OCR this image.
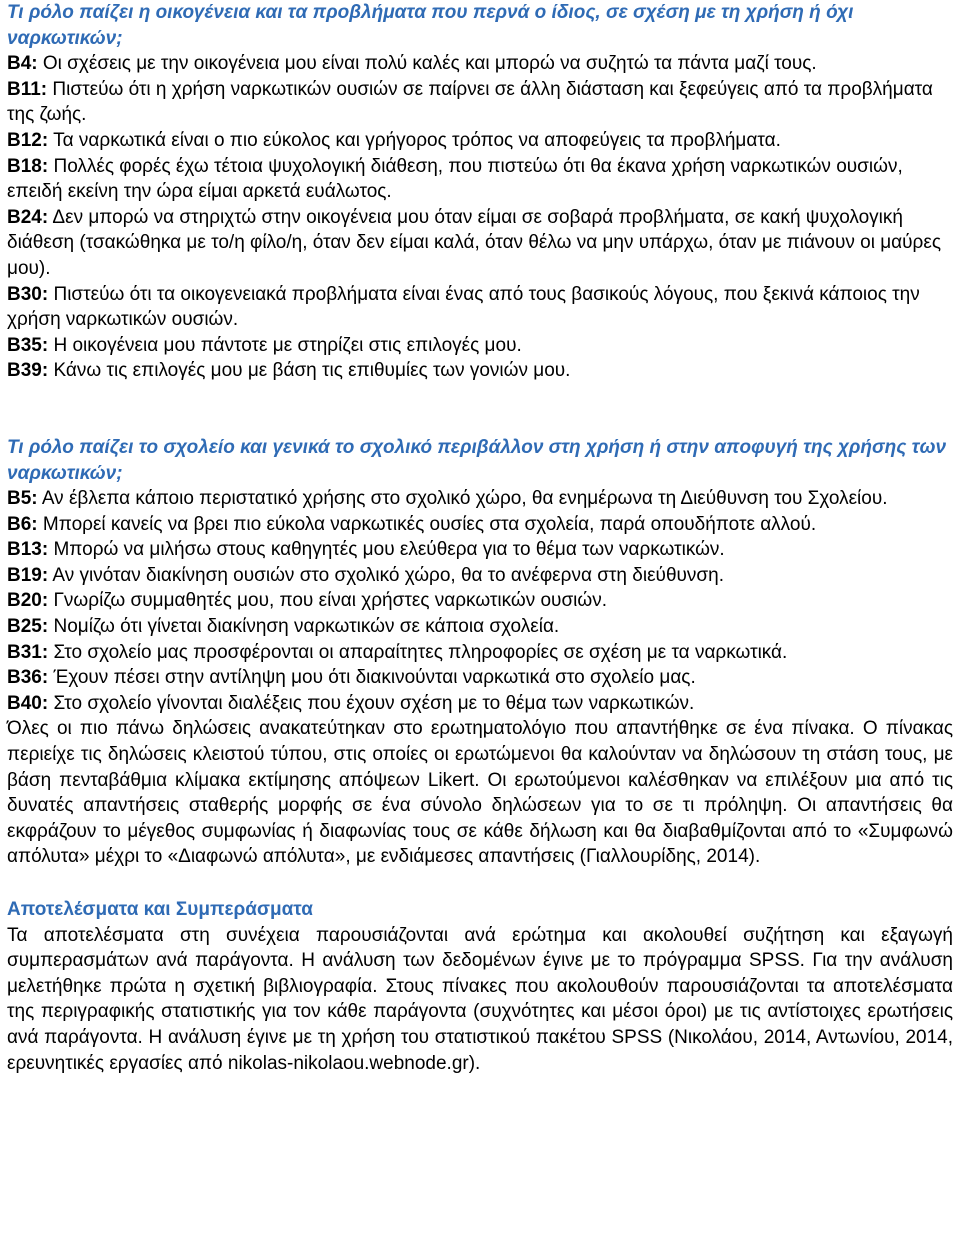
Τι ρόλο παίζει η οικογένεια και τα προβλήματα που περνά ο ίδιος, σε σχέση με τη χρήση ή όχι ναρκωτικών;

Β4: Οι σχέσεις με την οικογένεια μου είναι πολύ καλές και μπορώ να συζητώ τα πάντα μαζί τους.

Β11: Πιστεύω ότι η χρήση ναρκωτικών ουσιών σε παίρνει σε άλλη διάσταση και ξεφεύγεις από τα προβλήματα της ζωής.

Β12: Τα ναρκωτικά είναι ο πιο εύκολος και γρήγορος τρόπος να αποφεύγεις τα προβλήματα.

Β18: Πολλές φορές έχω τέτοια ψυχολογική διάθεση, που πιστεύω ότι θα έκανα χρήση ναρκωτικών ουσιών, επειδή εκείνη την ώρα είμαι αρκετά ευάλωτος.

Β24: Δεν μπορώ να στηριχτώ στην οικογένεια μου όταν είμαι σε σοβαρά προβλήματα, σε κακή ψυχολογική διάθεση (τσακώθηκα με το/η φίλο/η, όταν δεν είμαι καλά, όταν θέλω να μην υπάρχω, όταν με πιάνουν οι μαύρες μου).

Β30: Πιστεύω ότι τα οικογενειακά προβλήματα είναι ένας από τους βασικούς λόγους, που ξεκινά κάποιος την χρήση ναρκωτικών ουσιών.

Β35: Η οικογένεια μου πάντοτε με στηρίζει στις επιλογές μου.

Β39: Κάνω τις επιλογές μου με βάση τις επιθυμίες των γονιών μου.

Τι ρόλο παίζει το σχολείο και γενικά το σχολικό περιβάλλον στη χρήση ή στην αποφυγή της χρήσης των ναρκωτικών;

Β5: Αν έβλεπα κάποιο περιστατικό χρήσης στο σχολικό χώρο, θα ενημέρωνα τη Διεύθυνση του Σχολείου.

Β6: Μπορεί κανείς να βρει πιο εύκολα ναρκωτικές ουσίες στα σχολεία, παρά οπουδήποτε αλλού.

Β13: Μπορώ να μιλήσω στους καθηγητές μου ελεύθερα για το θέμα των ναρκωτικών.

Β19: Αν γινόταν διακίνηση ουσιών στο σχολικό χώρο, θα το ανέφερνα στη διεύθυνση.

Β20: Γνωρίζω συμμαθητές μου, που είναι χρήστες ναρκωτικών ουσιών.

Β25: Νομίζω ότι γίνεται διακίνηση ναρκωτικών σε κάποια σχολεία.

Β31: Στο σχολείο μας προσφέρονται οι απαραίτητες πληροφορίες σε σχέση με τα ναρκωτικά.

Β36: Έχουν πέσει στην αντίληψη μου ότι διακινούνται ναρκωτικά στο σχολείο μας.

Β40: Στο σχολείο γίνονται διαλέξεις που έχουν σχέση με το θέμα των ναρκωτικών.

Όλες οι πιο πάνω δηλώσεις ανακατεύτηκαν στο ερωτηματολόγιο που απαντήθηκε σε ένα πίνακα. Ο πίνακας περιείχε τις δηλώσεις κλειστού τύπου, στις οποίες οι ερωτώμενοι θα καλούνταν να δηλώσουν τη στάση τους, με βάση πενταβάθμια κλίμακα εκτίμησης απόψεων Likert. Οι ερωτούμενοι καλέσθηκαν να επιλέξουν μια από τις δυνατές απαντήσεις σταθερής μορφής σε ένα σύνολο δηλώσεων για το σε τι πρόληψη. Οι απαντήσεις θα εκφράζουν το μέγεθος συμφωνίας ή διαφωνίας τους σε κάθε δήλωση και θα διαβαθμίζονται από το «Συμφωνώ απόλυτα» μέχρι το «Διαφωνώ απόλυτα», με ενδιάμεσες απαντήσεις (Γιαλλουρίδης, 2014).

Αποτελέσματα και Συμπεράσματα

Τα αποτελέσματα στη συνέχεια παρουσιάζονται ανά ερώτημα και ακολουθεί συζήτηση και εξαγωγή συμπερασμάτων ανά παράγοντα. Η ανάλυση των δεδομένων έγινε με το πρόγραμμα SPSS. Για την ανάλυση μελετήθηκε πρώτα η σχετική βιβλιογραφία. Στους πίνακες που ακολουθούν παρουσιάζονται τα αποτελέσματα της περιγραφικής στατιστικής για τον κάθε παράγοντα (συχνότητες και μέσοι όροι) με τις αντίστοιχες ερωτήσεις ανά παράγοντα. Η ανάλυση έγινε με τη χρήση του στατιστικού πακέτου SPSS (Νικολάου, 2014, Αντωνίου, 2014, ερευνητικές εργασίες από nikolas-nikolaou.webnode.gr).
